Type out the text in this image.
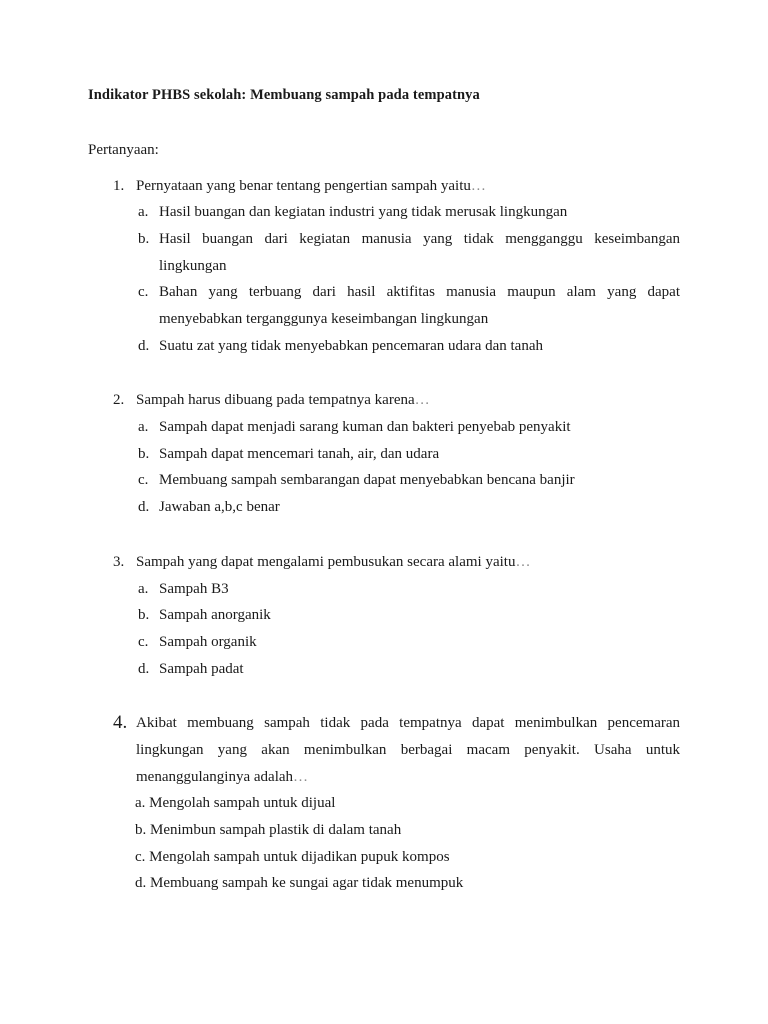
Indikator PHBS sekolah: Membuang sampah pada tempatnya
Pertanyaan:
1. Pernyataan yang benar tentang pengertian sampah yaitu…
a. Hasil buangan dan kegiatan industri yang tidak merusak lingkungan
b. Hasil buangan dari kegiatan manusia yang tidak mengganggu keseimbangan lingkungan
c. Bahan yang terbuang dari hasil aktifitas manusia maupun alam yang dapat menyebabkan terganggunya keseimbangan lingkungan
d. Suatu zat yang tidak menyebabkan pencemaran udara dan tanah
2. Sampah harus dibuang pada tempatnya karena…
a. Sampah dapat menjadi sarang kuman dan bakteri penyebab penyakit
b. Sampah dapat mencemari tanah, air, dan udara
c. Membuang sampah sembarangan dapat menyebabkan bencana banjir
d. Jawaban a,b,c benar
3. Sampah yang dapat mengalami pembusukan secara alami yaitu…
a. Sampah B3
b. Sampah anorganik
c. Sampah organik
d. Sampah padat
4. Akibat membuang sampah tidak pada tempatnya dapat menimbulkan pencemaran lingkungan yang akan menimbulkan berbagai macam penyakit. Usaha untuk menanggulanginya adalah…
a. Mengolah sampah untuk dijual
b. Menimbun sampah plastik di dalam tanah
c. Mengolah sampah untuk dijadikan pupuk kompos
d. Membuang sampah ke sungai agar tidak menumpuk
